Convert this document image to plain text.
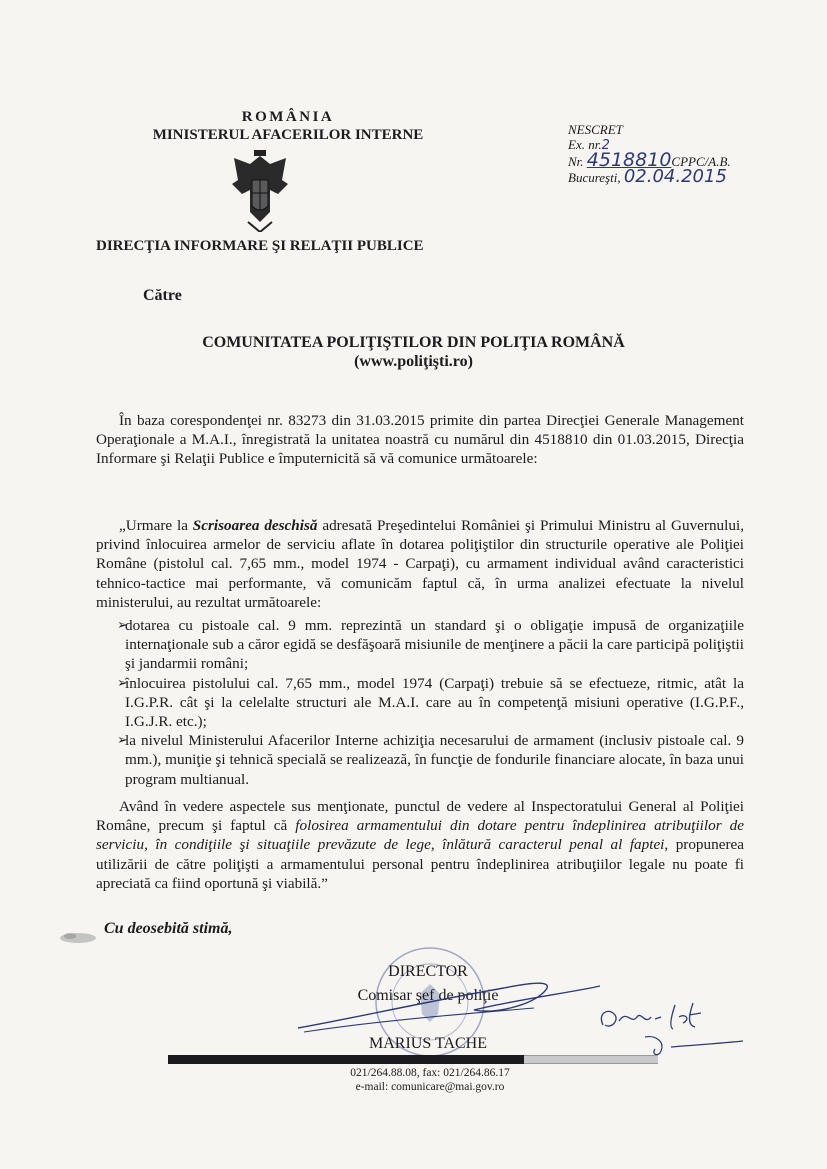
ROMÂNIA
MINISTERUL AFACERILOR INTERNE
DIRECŢIA INFORMARE ŞI RELAŢII PUBLICE
NESCRET
Ex. nr.2
Nr. 4518810CPPC/A.B.
Bucureşti, 02.04.2015
Către
COMUNITATEA POLIŢIŞTILOR DIN POLIŢIA ROMÂNĂ
(www.poliţişti.ro)
În baza corespondenţei nr. 83273 din 31.03.2015 primite din partea Direcţiei Generale Management Operaţionale a M.A.I., înregistrată la unitatea noastră cu numărul din 4518810 din 01.03.2015, Direcţia Informare şi Relaţii Publice e împuternicită să vă comunice următoarele:
„Urmare la Scrisoarea deschisă adresată Preşedintelui României şi Primului Ministru al Guvernului, privind înlocuirea armelor de serviciu aflate în dotarea poliţiştilor din structurile operative ale Poliţiei Române (pistolul cal. 7,65 mm., model 1974 - Carpaţi), cu armament individual având caracteristici tehnico-tactice mai performante, vă comunicăm faptul că, în urma analizei efectuate la nivelul ministerului, au rezultat următoarele:
➢
dotarea cu pistoale cal. 9 mm. reprezintă un standard şi o obligaţie impusă de organizaţiile internaţionale sub a căror egidă se desfăşoară misiunile de menţinere a păcii la care participă poliţiştii şi jandarmii români;
➢
înlocuirea pistolului cal. 7,65 mm., model 1974 (Carpaţi) trebuie să se efectueze, ritmic, atât la I.G.P.R. cât şi la celelalte structuri ale M.A.I. care au în competenţă misiuni operative (I.G.P.F., I.G.J.R. etc.);
➢
la nivelul Ministerului Afacerilor Interne achiziţia necesarului de armament (inclusiv pistoale cal. 9 mm.), muniţie şi tehnică specială se realizează, în funcţie de fondurile financiare alocate, în baza unui program multianual.
Având în vedere aspectele sus menţionate, punctul de vedere al Inspectoratului General al Poliţiei Române, precum şi faptul că folosirea armamentului din dotare pentru îndeplinirea atribuţiilor de serviciu, în condiţiile şi situaţiile prevăzute de lege, înlătură caracterul penal al faptei, propunerea utilizării de către poliţişti a armamentului personal pentru îndeplinirea atribuţiilor legale nu poate fi apreciată ca fiind oportună şi viabilă.”
Cu deosebită stimă,
DIRECTOR
Comisar şef de poliţie
MARIUS TACHE
021/264.88.08, fax: 021/264.86.17
e-mail: comunicare@mai.gov.ro
